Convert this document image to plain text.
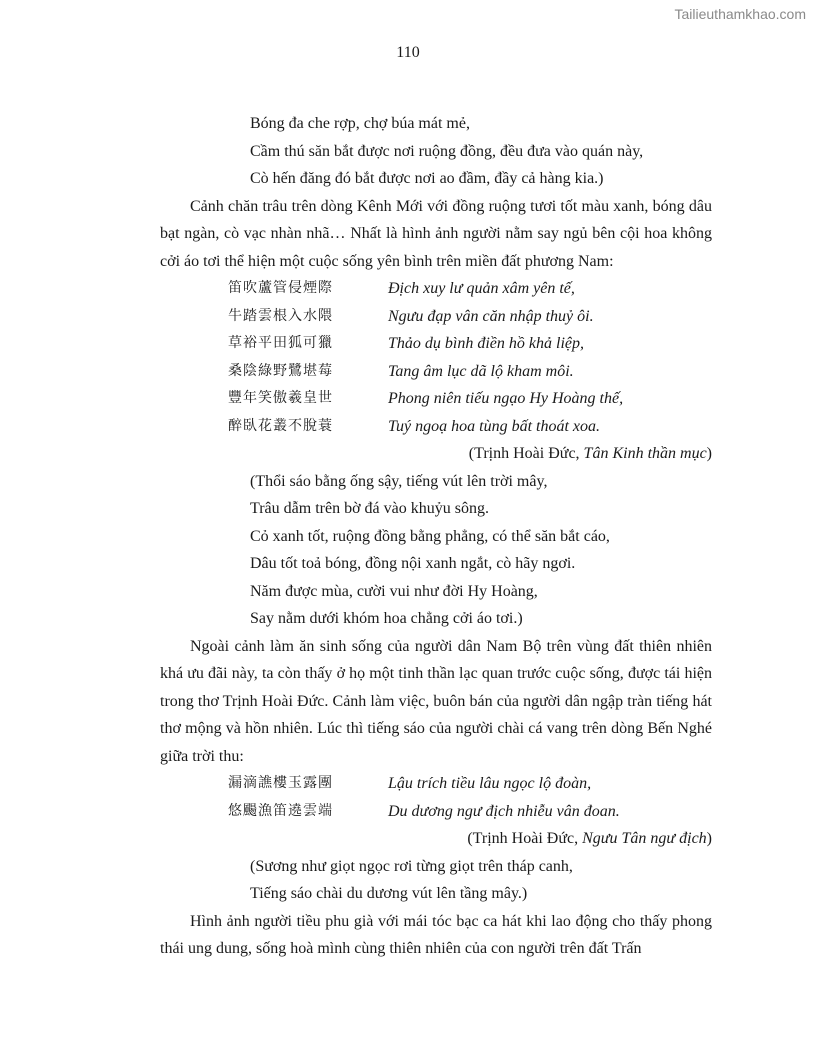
Tailieuthamkhao.com
110
Bóng đa che rợp, chợ búa mát mẻ,
Cầm thú săn bắt được nơi ruộng đồng, đều đưa vào quán này,
Cò hến đăng đó bắt được nơi ao đầm, đầy cả hàng kia.)
Cảnh chăn trâu trên dòng Kênh Mới với đồng ruộng tươi tốt màu xanh, bóng dâu bạt ngàn, cò vạc nhàn nhã… Nhất là hình ảnh người nằm say ngủ bên cội hoa không cởi áo tơi thể hiện một cuộc sống yên bình trên miền đất phương Nam:
笛吹蘆管侵煙際	Địch xuy lư quản xâm yên tế,
牛踏雲根入水隈	Ngưu đạp vân căn nhập thuỷ ôi.
草裕平田狐可獵	Thảo dụ bình điền hồ khả liệp,
桑陰綠野鷺堪莓	Tang âm lục dã lộ kham môi.
豐年笑傲羲皇世	Phong niên tiếu ngạo Hy Hoàng thế,
醉臥花叢不脫蓑	Tuý ngoạ hoa tùng bất thoát xoa.
(Trịnh Hoài Đức, Tân Kinh thần mục)
(Thổi sáo bằng ống sậy, tiếng vút lên trời mây,
Trâu dẫm trên bờ đá vào khuỷu sông.
Cỏ xanh tốt, ruộng đồng bằng phẳng, có thể săn bắt cáo,
Dâu tốt toả bóng, đồng nội xanh ngắt, cò hãy ngơi.
Năm được mùa, cười vui như đời Hy Hoàng,
Say nằm dưới khóm hoa chẳng cởi áo tơi.)
Ngoài cảnh làm ăn sinh sống của người dân Nam Bộ trên vùng đất thiên nhiên khá ưu đãi này, ta còn thấy ở họ một tinh thần lạc quan trước cuộc sống, được tái hiện trong thơ Trịnh Hoài Đức. Cảnh làm việc, buôn bán của người dân ngập tràn tiếng hát thơ mộng và hồn nhiên. Lúc thì tiếng sáo của người chài cá vang trên dòng Bến Nghé giữa trời thu:
漏滴譙樓玉露團	Lậu trích tiều lâu ngọc lộ đoàn,
悠颺漁笛遶雲端	Du dương ngư địch nhiễu vân đoan.
(Trịnh Hoài Đức, Ngưu Tân ngư địch)
(Sương như giọt ngọc rơi từng giọt trên tháp canh,
Tiếng sáo chài du dương vút lên tầng mây.)
Hình ảnh người tiều phu già với mái tóc bạc ca hát khi lao động cho thấy phong thái ung dung, sống hoà mình cùng thiên nhiên của con người trên đất Trấn
